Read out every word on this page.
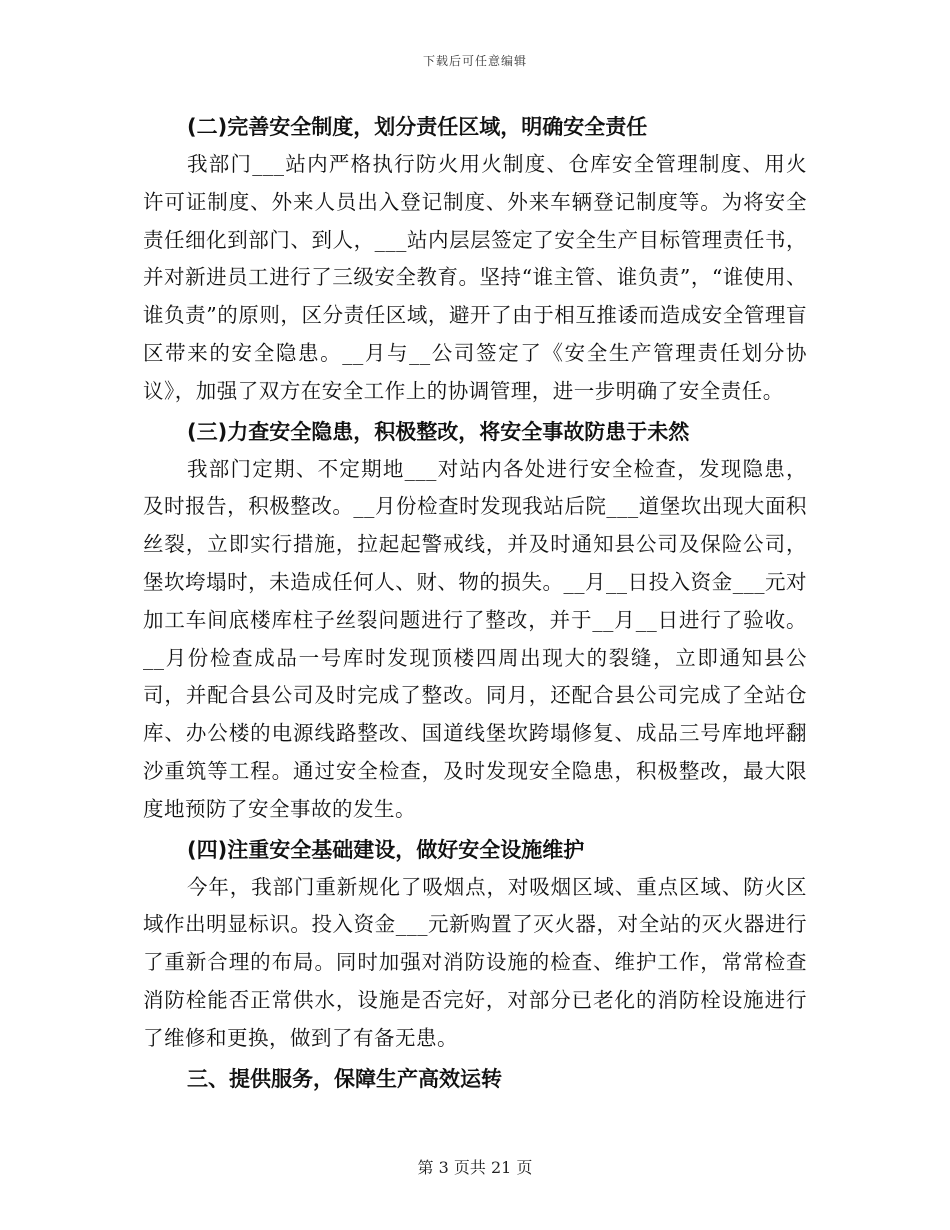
下载后可任意编辑

(二)完善安全制度，划分责任区域，明确安全责任

我部门___站内严格执行防火用火制度、仓库安全管理制度、用火许可证制度、外来人员出入登记制度、外来车辆登记制度等。为将安全责任细化到部门、到人，___站内层层签定了安全生产目标管理责任书，并对新进员工进行了三级安全教育。坚持“谁主管、谁负责”，“谁使用、谁负责”的原则，区分责任区域，避开了由于相互推诿而造成安全管理盲区带来的安全隐患。__月与__公司签定了《安全生产管理责任划分协议》，加强了双方在安全工作上的协调管理，进一步明确了安全责任。

(三)力查安全隐患，积极整改，将安全事故防患于未然

我部门定期、不定期地___对站内各处进行安全检查，发现隐患，及时报告，积极整改。__月份检查时发现我站后院___道堡坎出现大面积丝裂，立即实行措施，拉起起警戒线，并及时通知县公司及保险公司，堡坎垮塌时，未造成任何人、财、物的损失。__月__日投入资金___元对加工车间底楼库柱子丝裂问题进行了整改，并于__月__日进行了验收。__月份检查成品一号库时发现顶楼四周出现大的裂缝，立即通知县公司，并配合县公司及时完成了整改。同月，还配合县公司完成了全站仓库、办公楼的电源线路整改、国道线堡坎跨塌修复、成品三号库地坪翻沙重筑等工程。通过安全检查，及时发现安全隐患，积极整改，最大限度地预防了安全事故的发生。

(四)注重安全基础建设，做好安全设施维护

今年，我部门重新规化了吸烟点，对吸烟区域、重点区域、防火区域作出明显标识。投入资金___元新购置了灭火器，对全站的灭火器进行了重新合理的布局。同时加强对消防设施的检查、维护工作，常常检查消防栓能否正常供水，设施是否完好，对部分已老化的消防栓设施进行了维修和更换，做到了有备无患。

三、提供服务，保障生产高效运转

第 3 页共 21 页
